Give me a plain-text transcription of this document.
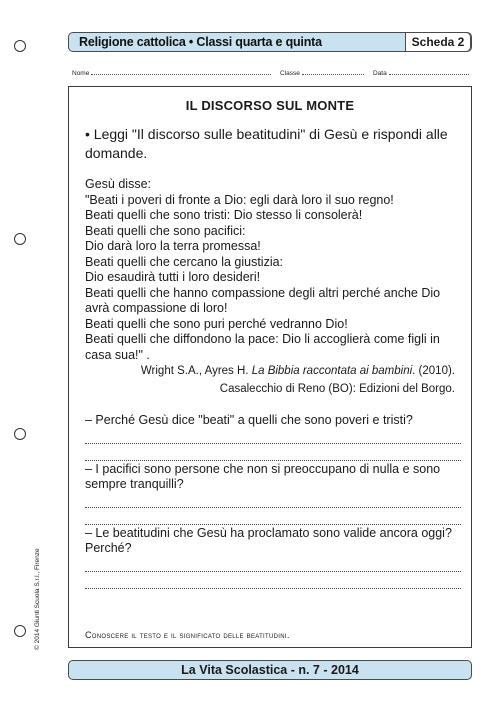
Religione cattolica • Classi quarta e quinta	Scheda 2
Nome	Classe	Data
IL DISCORSO SUL MONTE
• Leggi "Il discorso sulle beatitudini" di Gesù e rispondi alle
domande.
Gesù disse:
"Beati i poveri di fronte a Dio: egli darà loro il suo regno!
Beati quelli che sono tristi: Dio stesso li consolerà!
Beati quelli che sono pacifici:
Dio darà loro la terra promessa!
Beati quelli che cercano la giustizia:
Dio esaudirà tutti i loro desideri!
Beati quelli che hanno compassione degli altri perché anche Dio
avrà compassione di loro!
Beati quelli che sono puri perché vedranno Dio!
Beati quelli che diffondono la pace: Dio li accoglierà come figli in
casa sua!" .
Wright S.A., Ayres H. La Bibbia raccontata ai bambini. (2010).
Casalecchio di Reno (BO): Edizioni del Borgo.
– Perché Gesù dice "beati" a quelli che sono poveri e tristi?
– I pacifici sono persone che non si preoccupano di nulla e sono
sempre tranquilli?
– Le beatitudini che Gesù ha proclamato sono valide ancora oggi?
Perché?
Conoscere il testo e il significato delle beatitudini.
La Vita Scolastica - n. 7 - 2014
© 2014 Giunti Scuola S.r.l., Firenze
